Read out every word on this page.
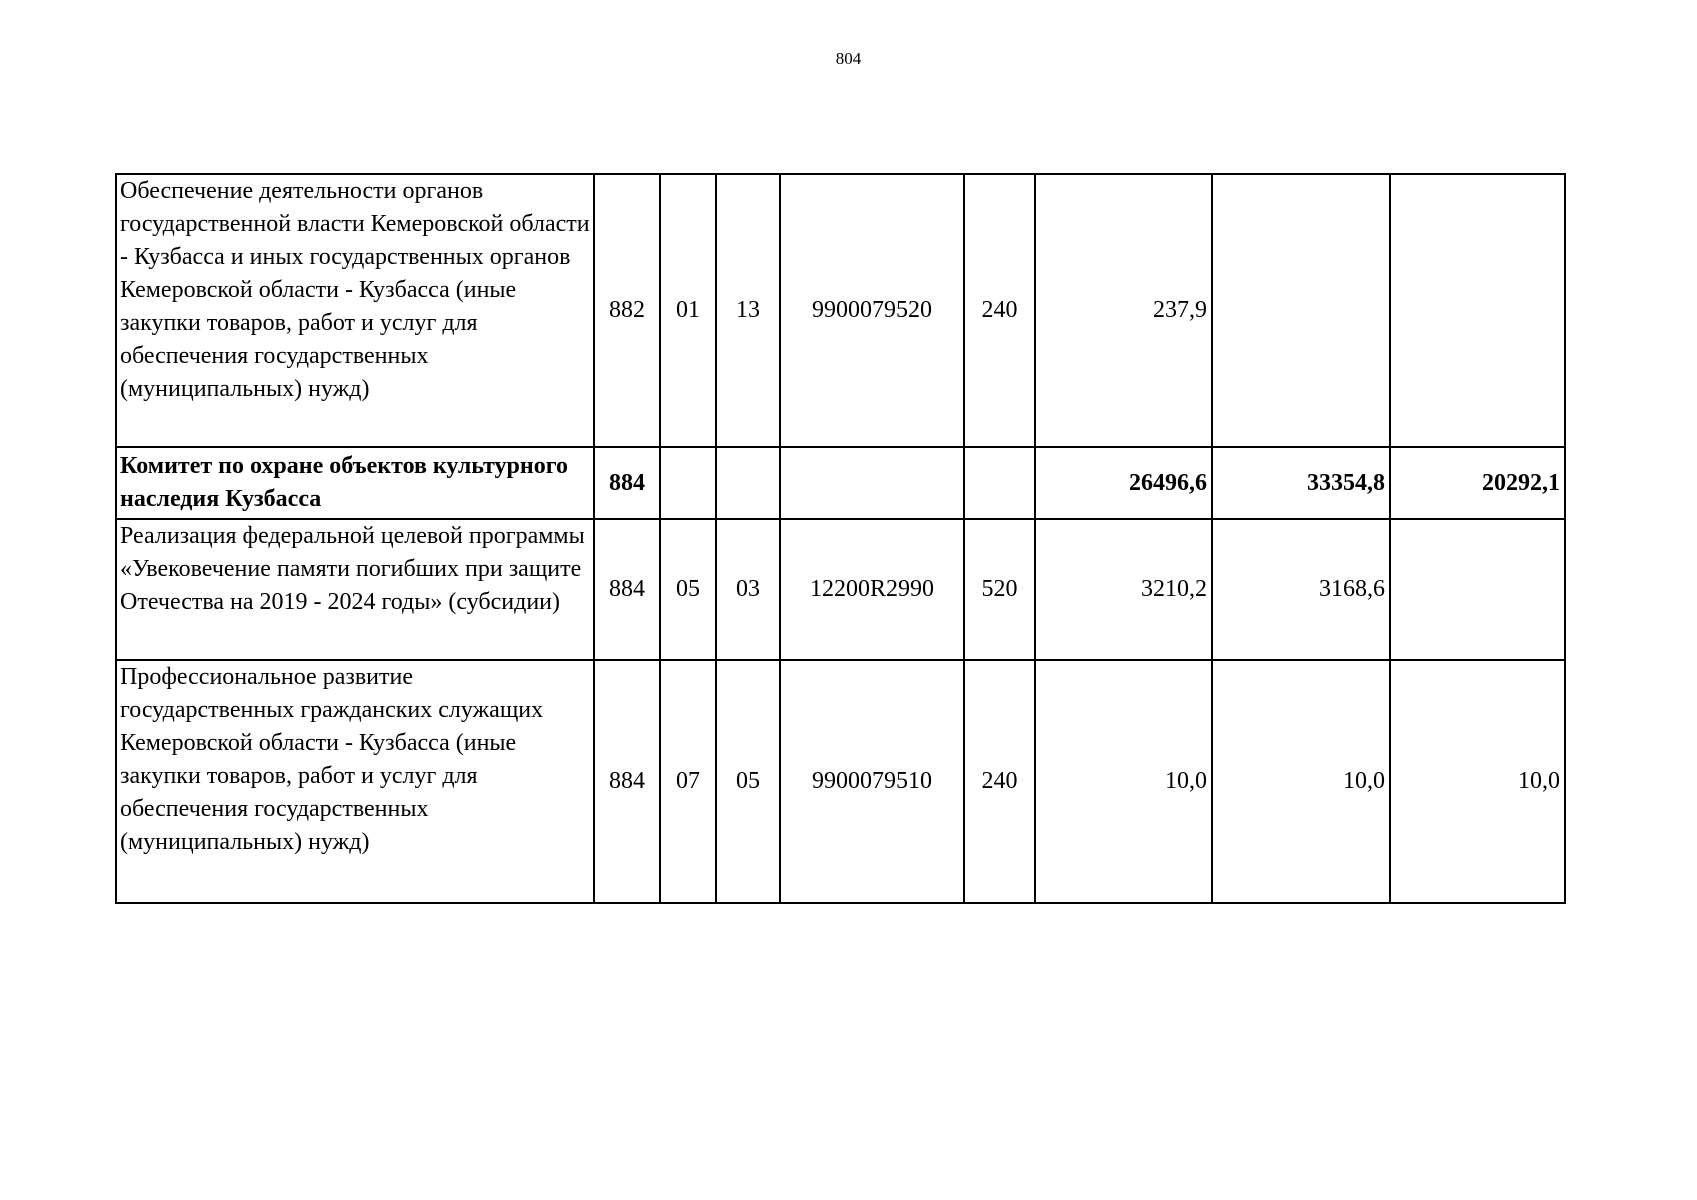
804
Обеспечение деятельности органов государственной власти Кемеровской области - Кузбасса и иных государственных органов Кемеровской области - Кузбасса (иные закупки товаров, работ и услуг для обеспечения государственных (муниципальных) нужд)	882	01	13	9900079520	240	237,9		
Комитет по охране объектов культурного наследия Кузбасса	884					26496,6	33354,8	20292,1
Реализация федеральной целевой программы «Увековечение памяти погибших при защите Отечества на 2019 - 2024 годы» (субсидии)	884	05	03	12200R2990	520	3210,2	3168,6	
Профессиональное развитие государственных гражданских служащих Кемеровской области - Кузбасса (иные закупки товаров, работ и услуг для обеспечения государственных (муниципальных) нужд)	884	07	05	9900079510	240	10,0	10,0	10,0
